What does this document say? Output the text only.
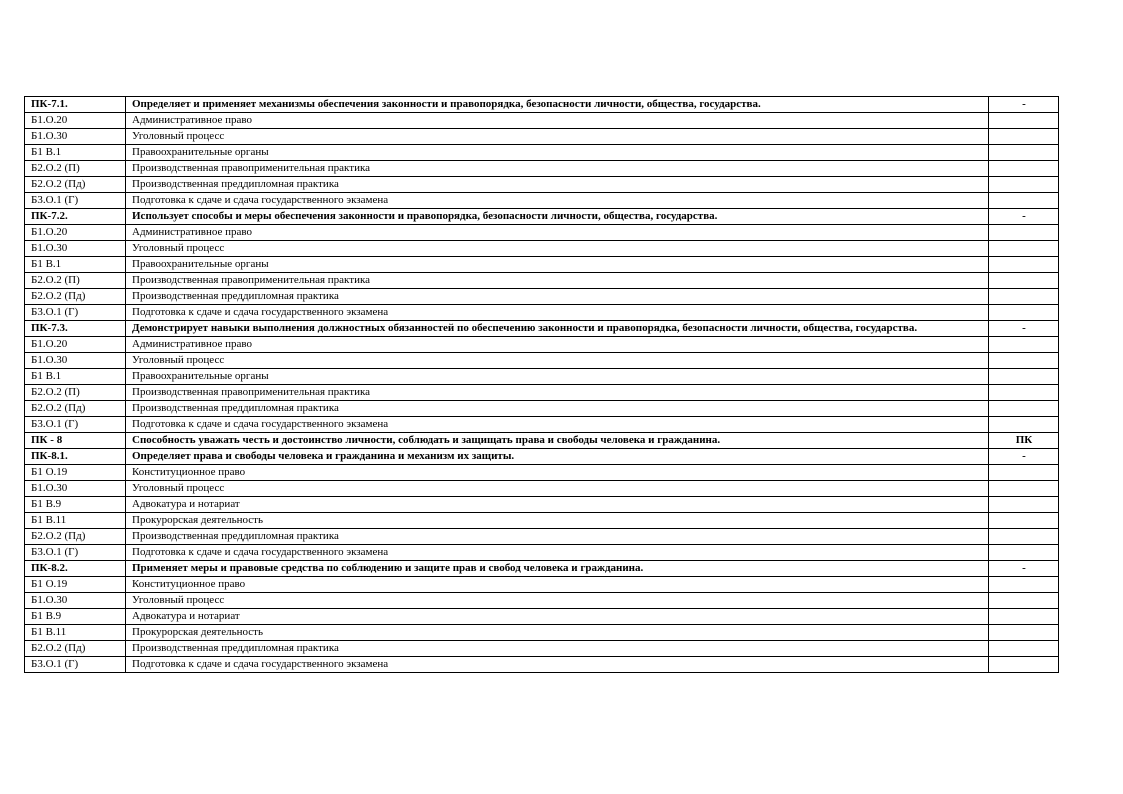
ПК-7.1.	Определяет и применяет механизмы обеспечения законности и правопорядка, безопасности личности, общества, государства.	-
Б1.О.20	Административное право	
Б1.О.30	Уголовный процесс	
Б1 В.1	Правоохранительные органы	
Б2.О.2 (П)	Производственная правоприменительная практика	
Б2.О.2 (Пд)	Производственная преддипломная практика	
Б3.О.1 (Г)	Подготовка к сдаче и сдача государственного экзамена	
ПК-7.2.	Использует способы и меры обеспечения законности и правопорядка, безопасности личности, общества, государства.	-
Б1.О.20	Административное право	
Б1.О.30	Уголовный процесс	
Б1 В.1	Правоохранительные органы	
Б2.О.2 (П)	Производственная правоприменительная практика	
Б2.О.2 (Пд)	Производственная преддипломная практика	
Б3.О.1 (Г)	Подготовка к сдаче и сдача государственного экзамена	
ПК-7.3.	Демонстрирует навыки выполнения должностных обязанностей по обеспечению законности и правопорядка, безопасности личности, общества, государства.	-
Б1.О.20	Административное право	
Б1.О.30	Уголовный процесс	
Б1 В.1	Правоохранительные органы	
Б2.О.2 (П)	Производственная правоприменительная практика	
Б2.О.2 (Пд)	Производственная преддипломная практика	
Б3.О.1 (Г)	Подготовка к сдаче и сдача государственного экзамена	
ПК - 8	Способность уважать честь и достоинство личности, соблюдать и защищать права и свободы человека и гражданина.	ПК
ПК-8.1.	Определяет права и свободы человека и гражданина и механизм их защиты.	-
Б1 О.19	Конституционное право	
Б1.О.30	Уголовный процесс	
Б1 В.9	Адвокатура и нотариат	
Б1 В.11	Прокурорская деятельность	
Б2.О.2 (Пд)	Производственная преддипломная практика	
Б3.О.1 (Г)	Подготовка к сдаче и сдача государственного экзамена	
ПК-8.2.	Применяет меры и правовые средства по соблюдению и защите прав и свобод человека и гражданина.	-
Б1 О.19	Конституционное право	
Б1.О.30	Уголовный процесс	
Б1 В.9	Адвокатура и нотариат	
Б1 В.11	Прокурорская деятельность	
Б2.О.2 (Пд)	Производственная преддипломная практика	
Б3.О.1 (Г)	Подготовка к сдаче и сдача государственного экзамена	
